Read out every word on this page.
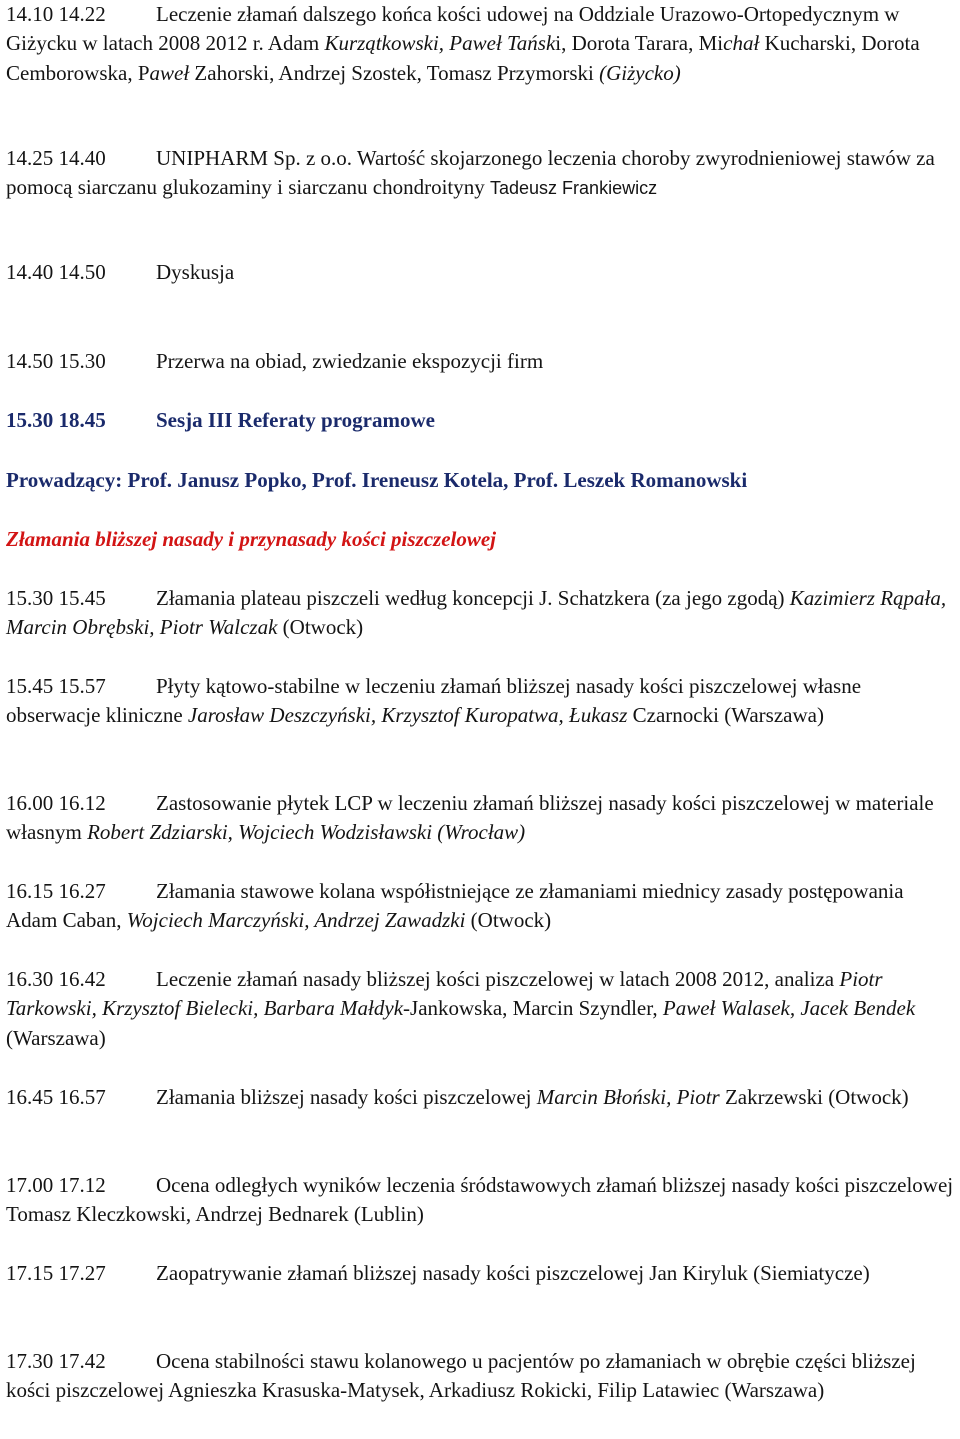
14.10 14.22 Leczenie złamań dalszego końca kości udowej na Oddziale Urazowo-Ortopedycznym w Giżycku w latach 2008 2012 r. Adam Kurzątkowski, Paweł Tański, Dorota Tarara, Michał Kucharski, Dorota Cemborowska, Paweł Zahorski, Andrzej Szostek, Tomasz Przymorski (Giżycko)

14.25 14.40 UNIPHARM Sp. z o.o. Wartość skojarzonego leczenia choroby zwyrodnieniowej stawów za pomocą siarczanu glukozaminy i siarczanu chondroityny Tadeusz Frankiewicz

14.40 14.50 Dyskusja

14.50 15.30 Przerwa na obiad, zwiedzanie ekspozycji firm

15.30 18.45 Sesja III Referaty programowe

Prowadzący: Prof. Janusz Popko, Prof. Ireneusz Kotela, Prof. Leszek Romanowski

Złamania bliższej nasady i przynasady kości piszczelowej

15.30 15.45 Złamania plateau piszczeli według koncepcji J. Schatzkera (za jego zgodą) Kazimierz Rąpała, Marcin Obrębski, Piotr Walczak (Otwock)

15.45 15.57 Płyty kątowo-stabilne w leczeniu złamań bliższej nasady kości piszczelowej własne obserwacje kliniczne Jarosław Deszczyński, Krzysztof Kuropatwa, Łukasz Czarnocki (Warszawa)

16.00 16.12 Zastosowanie płytek LCP w leczeniu złamań bliższej nasady kości piszczelowej w materiale własnym Robert Zdziarski, Wojciech Wodzisławski (Wrocław)

16.15 16.27 Złamania stawowe kolana współistniejące ze złamaniami miednicy zasady postępowania Adam Caban, Wojciech Marczyński, Andrzej Zawadzki (Otwock)

16.30 16.42 Leczenie złamań nasady bliższej kości piszczelowej w latach 2008 2012, analiza Piotr Tarkowski, Krzysztof Bielecki, Barbara Małdyk-Jankowska, Marcin Szyndler, Paweł Walasek, Jacek Bendek (Warszawa)

16.45 16.57 Złamania bliższej nasady kości piszczelowej Marcin Błoński, Piotr Zakrzewski (Otwock)

17.00 17.12 Ocena odległych wyników leczenia śródstawowych złamań bliższej nasady kości piszczelowej Tomasz Kleczkowski, Andrzej Bednarek (Lublin)

17.15 17.27 Zaopatrywanie złamań bliższej nasady kości piszczelowej Jan Kiryluk (Siemiatycze)

17.30 17.42 Ocena stabilności stawu kolanowego u pacjentów po złamaniach w obrębie części bliższej kości piszczelowej Agnieszka Krasuska-Matysek, Arkadiusz Rokicki, Filip Latawiec (Warszawa)
